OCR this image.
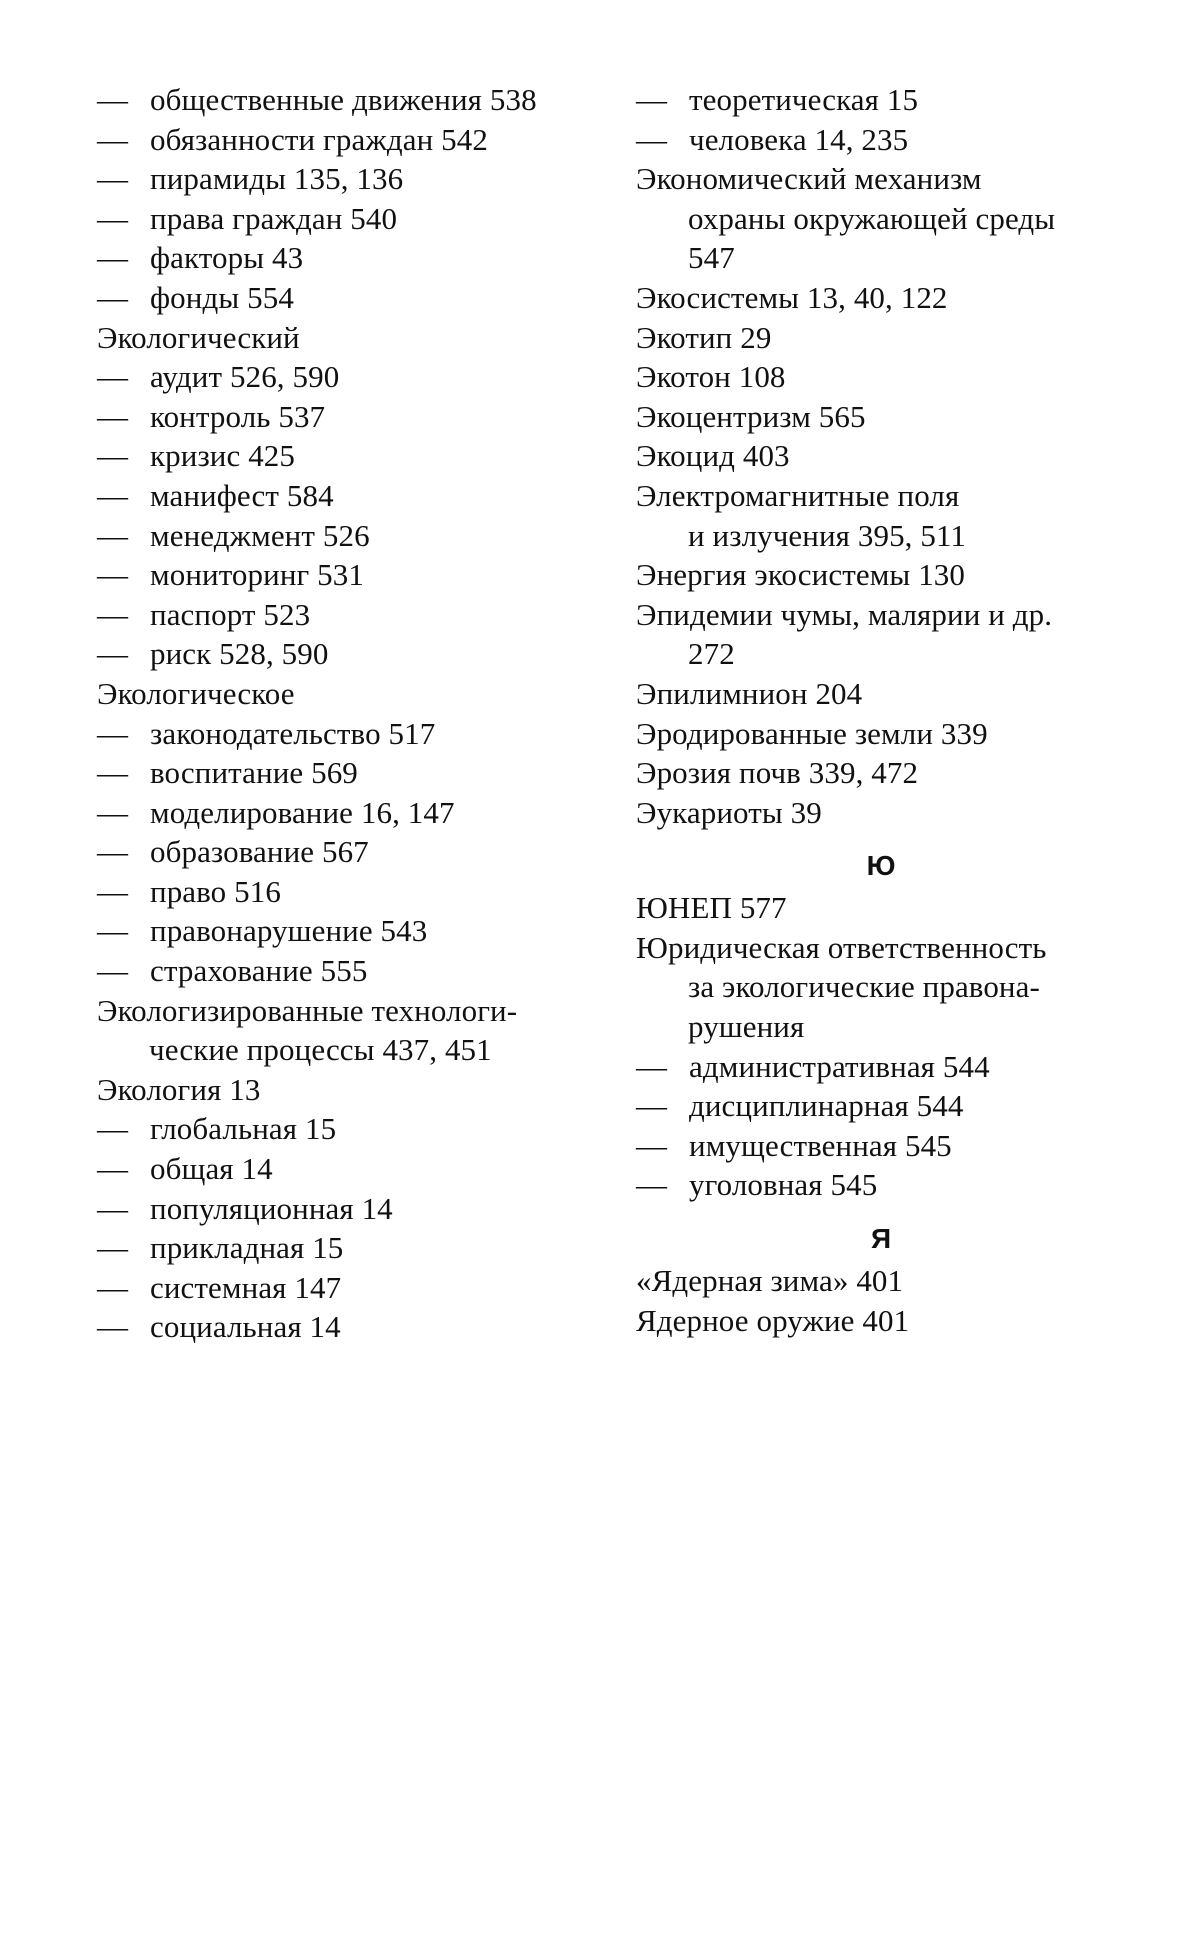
— общественные движения 538
— обязанности граждан 542
— пирамиды 135, 136
— права граждан 540
— факторы 43
— фонды 554
Экологический
— аудит 526, 590
— контроль 537
— кризис 425
— манифест 584
— менеджмент 526
— мониторинг 531
— паспорт 523
— риск 528, 590
Экологическое
— законодательство 517
— воспитание 569
— моделирование 16, 147
— образование 567
— право 516
— правонарушение 543
— страхование 555
Экологизированные технологи-
ческие процессы 437, 451
Экология 13
— глобальная 15
— общая 14
— популяционная 14
— прикладная 15
— системная 147
— социальная 14
— теоретическая 15
— человека 14, 235
Экономический механизм
охраны окружающей среды
547
Экосистемы 13, 40, 122
Экотип 29
Экотон 108
Экоцентризм 565
Экоцид 403
Электромагнитные поля
и излучения 395, 511
Энергия экосистемы 130
Эпидемии чумы, малярии и др.
272
Эпилимнион 204
Эродированные земли 339
Эрозия почв 339, 472
Эукариоты 39
Ю
ЮНЕП 577
Юридическая ответственность
за экологические правона-
рушения
— административная 544
— дисциплинарная 544
— имущественная 545
— уголовная 545
Я
«Ядерная зима» 401
Ядерное оружие 401
